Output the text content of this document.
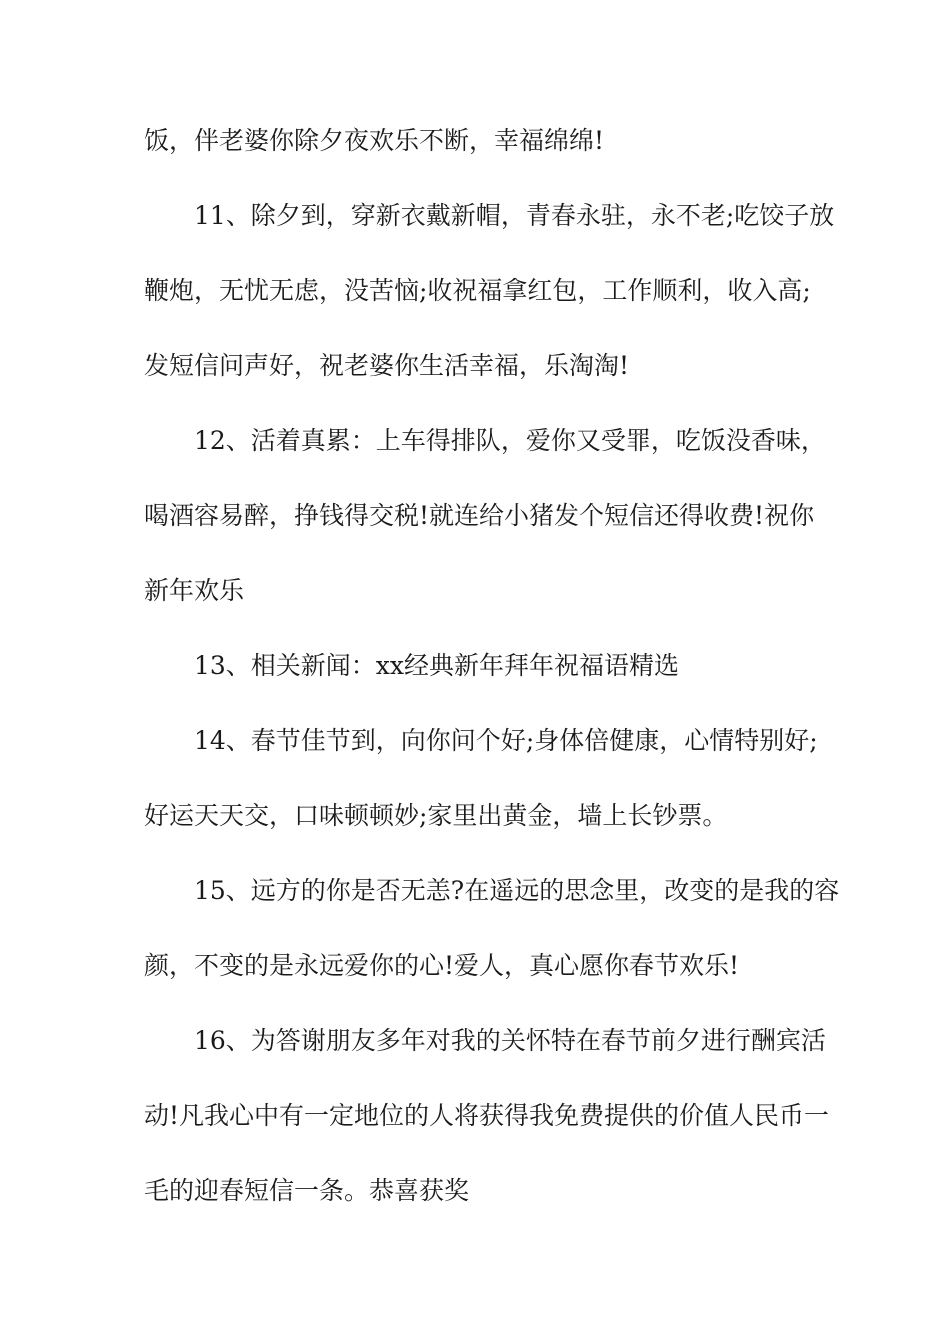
饭，伴老婆你除夕夜欢乐不断，幸福绵绵!
11、除夕到，穿新衣戴新帽，青春永驻，永不老;吃饺子放
鞭炮，无忧无虑，没苦恼;收祝福拿红包，工作顺利，收入高;
发短信问声好，祝老婆你生活幸福，乐淘淘!
12、活着真累：上车得排队，爱你又受罪，吃饭没香味，
喝酒容易醉，挣钱得交税!就连给小猪发个短信还得收费!祝你
新年欢乐
13、相关新闻：xx经典新年拜年祝福语精选
14、春节佳节到，向你问个好;身体倍健康，心情特别好;
好运天天交，口味顿顿妙;家里出黄金，墙上长钞票。
15、远方的你是否无恙?在遥远的思念里，改变的是我的容
颜，不变的是永远爱你的心!爱人，真心愿你春节欢乐!
16、为答谢朋友多年对我的关怀特在春节前夕进行酬宾活
动!凡我心中有一定地位的人将获得我免费提供的价值人民币一
毛的迎春短信一条。恭喜获奖
